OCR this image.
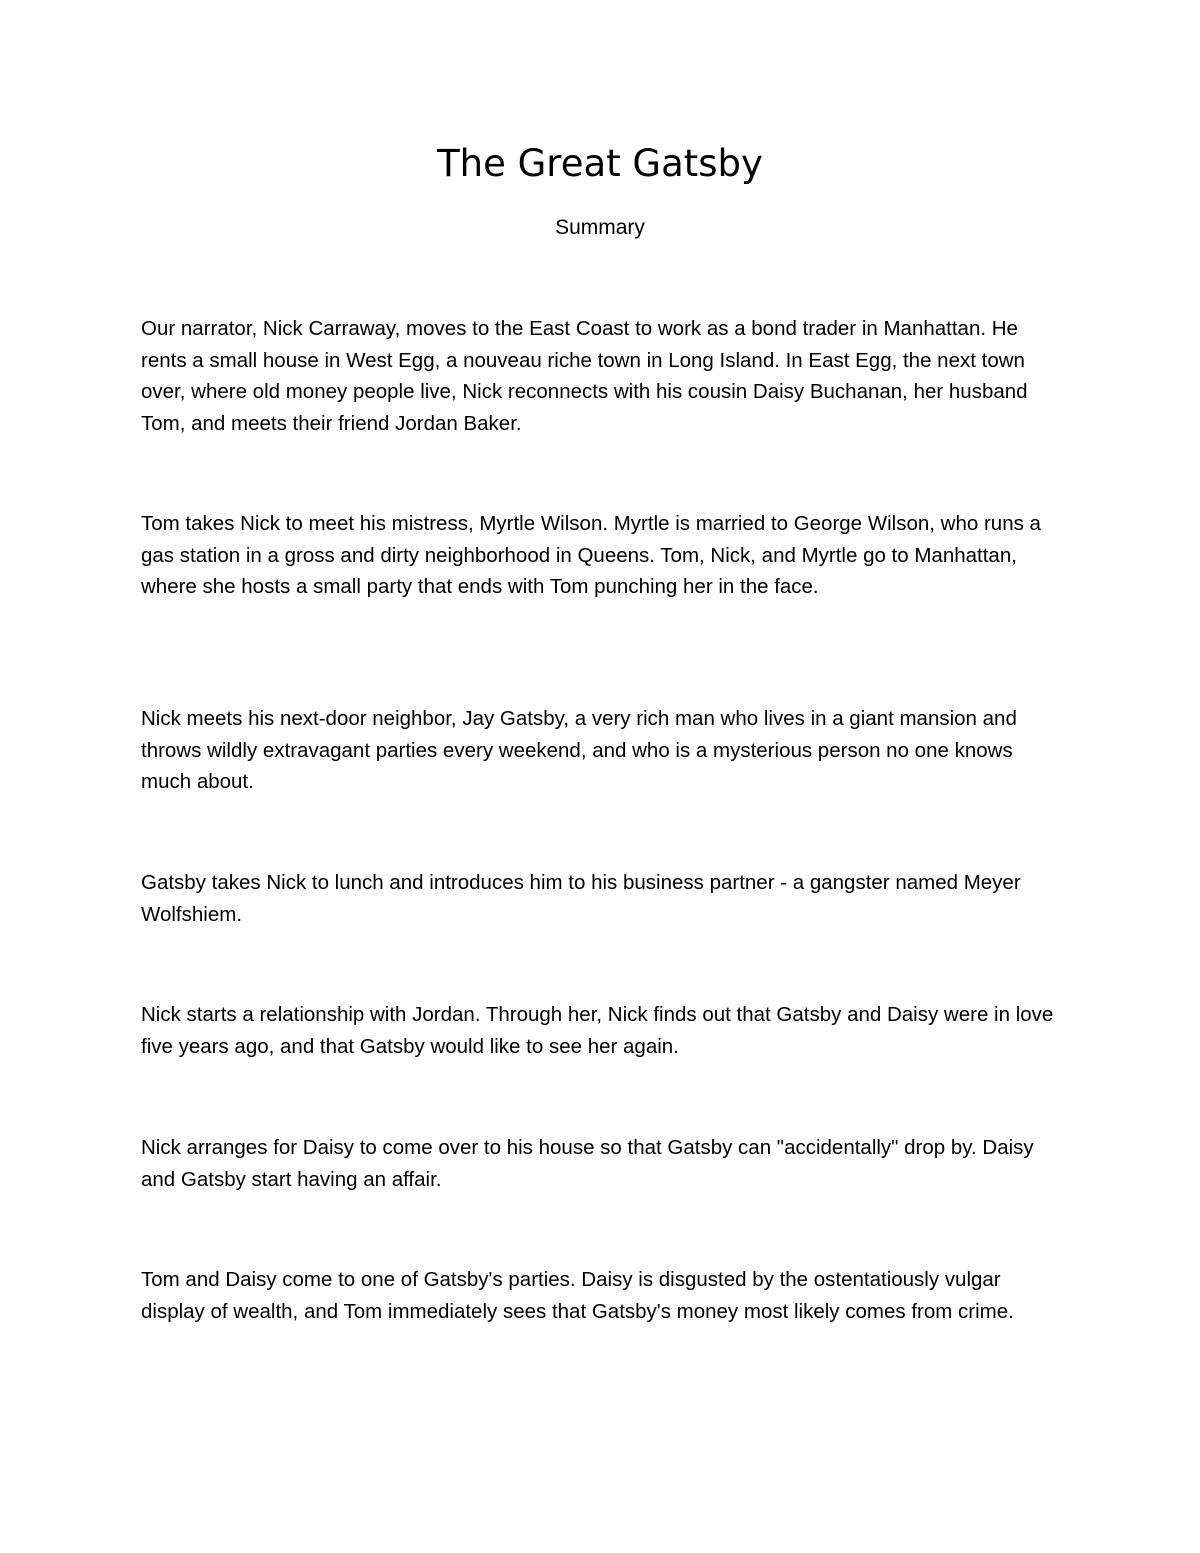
The Great Gatsby
Summary

Our narrator, Nick Carraway, moves to the East Coast to work as a bond trader in Manhattan. He rents a small house in West Egg, a nouveau riche town in Long Island. In East Egg, the next town over, where old money people live, Nick reconnects with his cousin Daisy Buchanan, her husband Tom, and meets their friend Jordan Baker.

Tom takes Nick to meet his mistress, Myrtle Wilson. Myrtle is married to George Wilson, who runs a gas station in a gross and dirty neighborhood in Queens. Tom, Nick, and Myrtle go to Manhattan, where she hosts a small party that ends with Tom punching her in the face.

Nick meets his next-door neighbor, Jay Gatsby, a very rich man who lives in a giant mansion and throws wildly extravagant parties every weekend, and who is a mysterious person no one knows much about.

Gatsby takes Nick to lunch and introduces him to his business partner - a gangster named Meyer Wolfshiem.

Nick starts a relationship with Jordan. Through her, Nick finds out that Gatsby and Daisy were in love five years ago, and that Gatsby would like to see her again.

Nick arranges for Daisy to come over to his house so that Gatsby can "accidentally" drop by. Daisy and Gatsby start having an affair.

Tom and Daisy come to one of Gatsby's parties. Daisy is disgusted by the ostentatiously vulgar display of wealth, and Tom immediately sees that Gatsby's money most likely comes from crime.
